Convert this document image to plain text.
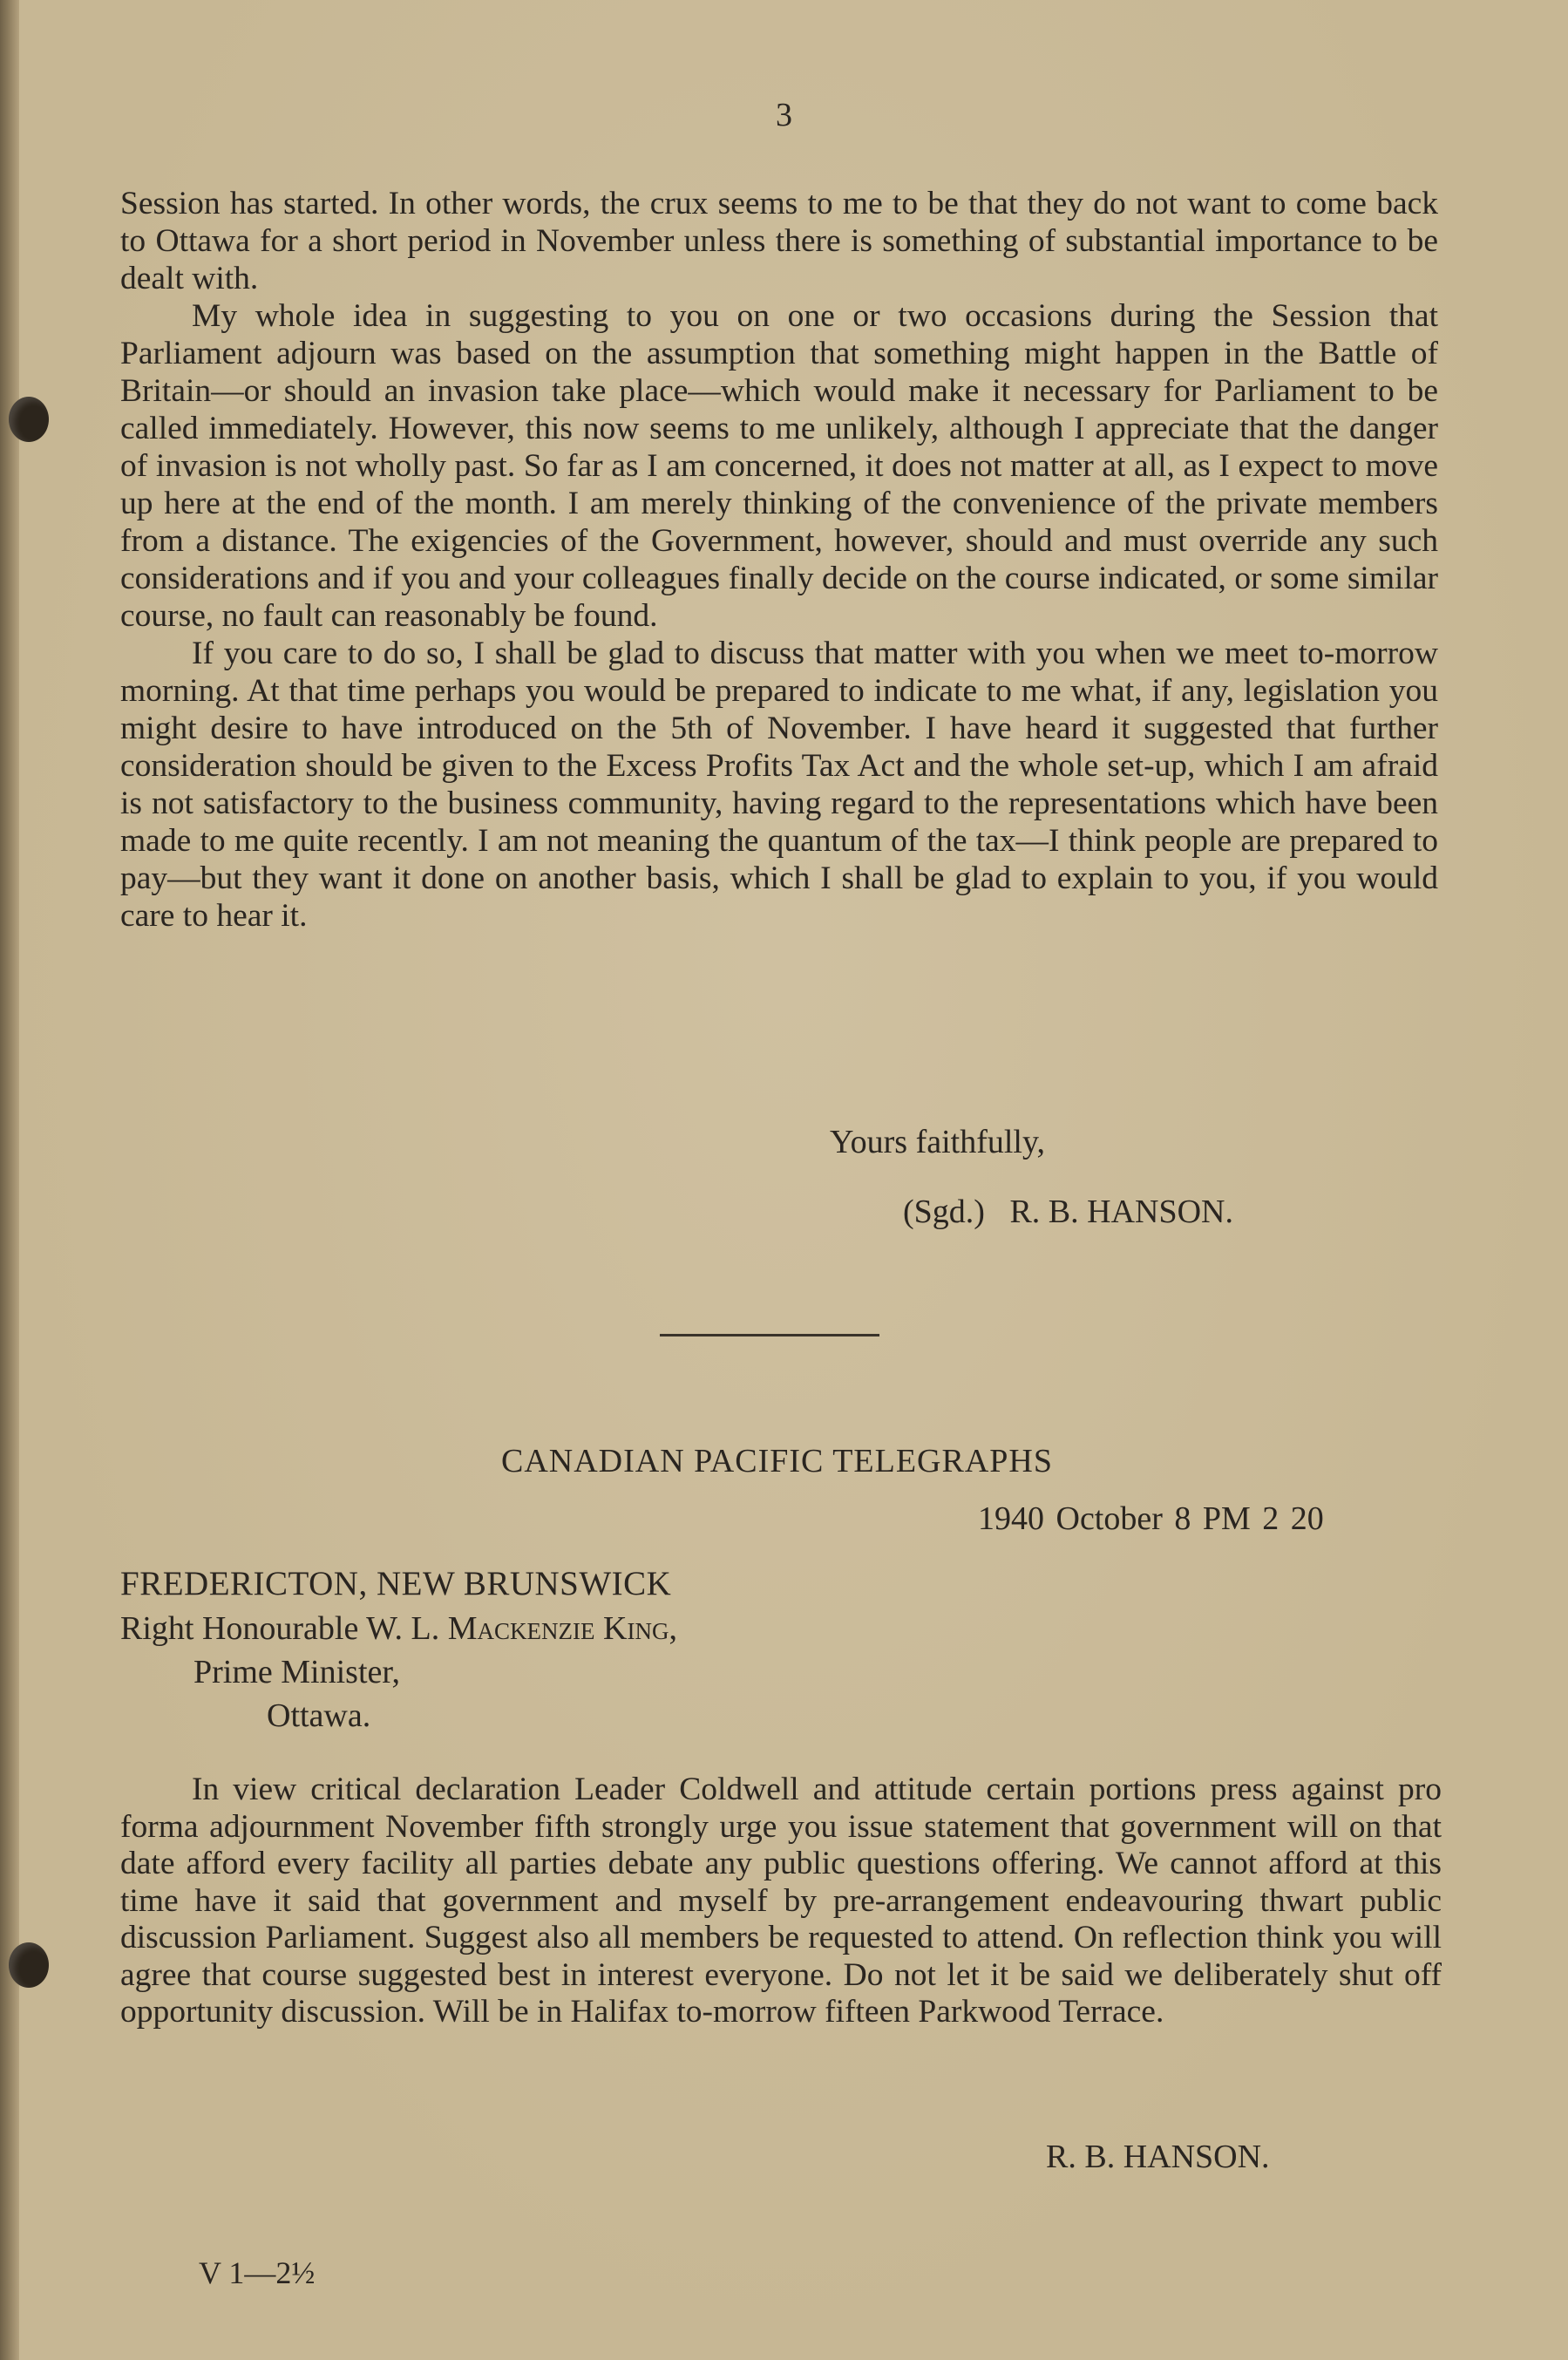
3

Session has started. In other words, the crux seems to me to be that they do not want to come back to Ottawa for a short period in November unless there is something of substantial importance to be dealt with.

My whole idea in suggesting to you on one or two occasions during the Session that Parliament adjourn was based on the assumption that something might happen in the Battle of Britain—or should an invasion take place—which would make it necessary for Parliament to be called immediately. However, this now seems to me unlikely, although I appreciate that the danger of invasion is not wholly past. So far as I am concerned, it does not matter at all, as I expect to move up here at the end of the month. I am merely thinking of the convenience of the private members from a distance. The exigencies of the Government, however, should and must override any such considerations and if you and your colleagues finally decide on the course indicated, or some similar course, no fault can reasonably be found.

If you care to do so, I shall be glad to discuss that matter with you when we meet to-morrow morning. At that time perhaps you would be prepared to indicate to me what, if any, legislation you might desire to have introduced on the 5th of November. I have heard it suggested that further consideration should be given to the Excess Profits Tax Act and the whole set-up, which I am afraid is not satisfactory to the business community, having regard to the representations which have been made to me quite recently. I am not meaning the quantum of the tax—I think people are prepared to pay—but they want it done on another basis, which I shall be glad to explain to you, if you would care to hear it.

Yours faithfully,
(Sgd.)   R. B. HANSON.
CANADIAN PACIFIC TELEGRAPHS
1940 October 8 PM 2 20
FREDERICTON, NEW BRUNSWICK
Right Honourable W. L. Mackenzie King,
Prime Minister,
Ottawa.

In view critical declaration Leader Coldwell and attitude certain portions press against pro forma adjournment November fifth strongly urge you issue statement that government will on that date afford every facility all parties debate any public questions offering. We cannot afford at this time have it said that government and myself by pre-arrangement endeavouring thwart public discussion Parliament. Suggest also all members be requested to attend. On reflection think you will agree that course suggested best in interest everyone. Do not let it be said we deliberately shut off opportunity discussion. Will be in Halifax to-morrow fifteen Parkwood Terrace.

R. B. HANSON.
V 1—2½
